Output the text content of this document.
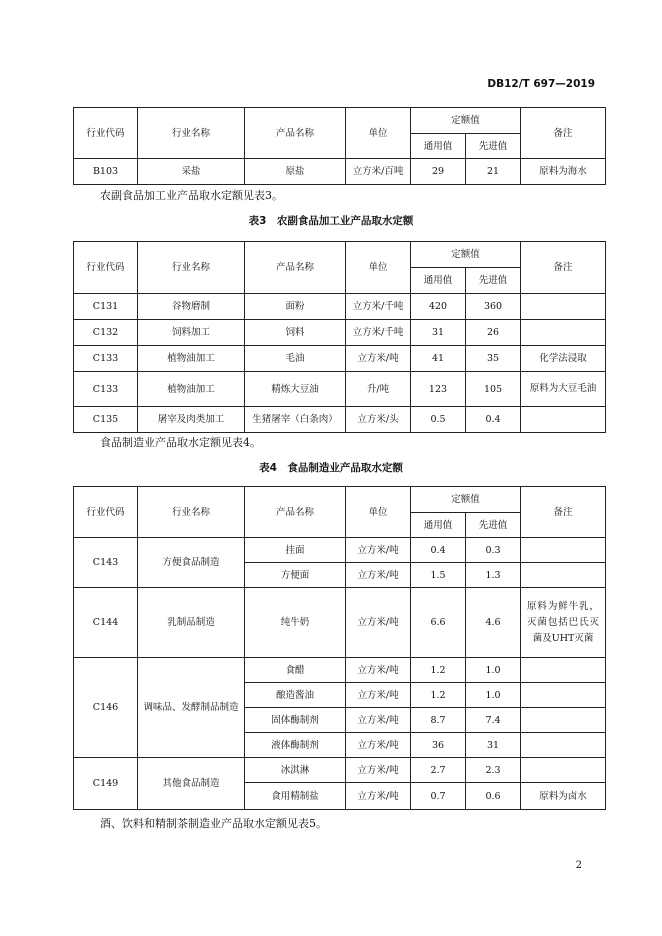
DB12/T 697—2019
行业代码	行业名称	产品名称	单位	定额值		备注
				通用值	先进值	
B103	采盐	原盐	立方米/百吨	29	21	原料为海水
农副食品加工业产品取水定额见表3。
表3　农副食品加工业产品取水定额
行业代码	行业名称	产品名称	单位	定额值		备注
				通用值	先进值	
C131	谷物磨制	面粉	立方米/千吨	420	360	
C132	饲料加工	饲料	立方米/千吨	31	26	
C133	植物油加工	毛油	立方米/吨	41	35	化学法浸取
C133	植物油加工	精炼大豆油	升/吨	123	105	原料为大豆毛油
C135	屠宰及肉类加工	生猪屠宰（白条肉）	立方米/头	0.5	0.4	
食品制造业产品取水定额见表4。
表4　食品制造业产品取水定额
行业代码	行业名称	产品名称	单位	定额值		备注
				通用值	先进值	
C143	方便食品制造	挂面	立方米/吨	0.4	0.3	
		方便面	立方米/吨	1.5	1.3	
C144	乳制品制造	纯牛奶	立方米/吨	6.6	4.6	原料为鲜牛乳，灭菌包括巴氏灭菌及UHT灭菌
C146	调味品、发酵制品制造	食醋	立方米/吨	1.2	1.0	
		酿造酱油	立方米/吨	1.2	1.0	
		固体酶制剂	立方米/吨	8.7	7.4	
		液体酶制剂	立方米/吨	36	31	
C149	其他食品制造	冰淇淋	立方米/吨	2.7	2.3	
		食用精制盐	立方米/吨	0.7	0.6	原料为卤水
酒、饮料和精制茶制造业产品取水定额见表5。
2
